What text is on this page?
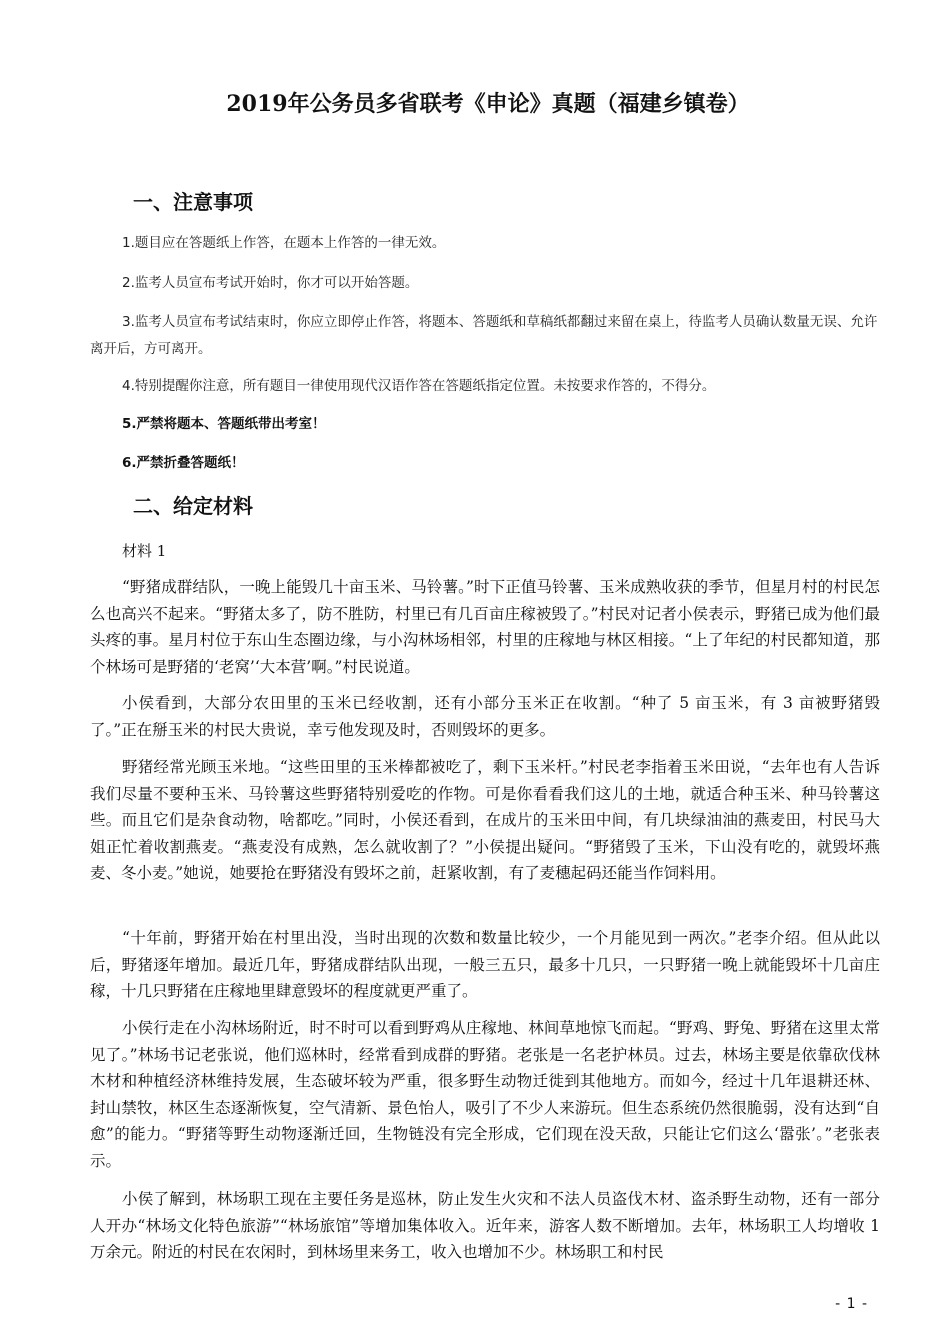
2019年公务员多省联考《申论》真题（福建乡镇卷）
一、注意事项
1.题目应在答题纸上作答，在题本上作答的一律无效。
2.监考人员宣布考试开始时，你才可以开始答题。
3.监考人员宣布考试结束时，你应立即停止作答，将题本、答题纸和草稿纸都翻过来留在桌上，待监考人员确认数量无误、允许离开后，方可离开。
4.特别提醒你注意，所有题目一律使用现代汉语作答在答题纸指定位置。未按要求作答的，不得分。
5.严禁将题本、答题纸带出考室！
6.严禁折叠答题纸！
二、给定材料
材料 1
“野猪成群结队，一晚上能毁几十亩玉米、马铃薯。”时下正值马铃薯、玉米成熟收获的季节，但星月村的村民怎么也高兴不起来。“野猪太多了，防不胜防，村里已有几百亩庄稼被毁了。”村民对记者小侯表示，野猪已成为他们最头疼的事。星月村位于东山生态圈边缘，与小沟林场相邻，村里的庄稼地与林区相接。“上了年纪的村民都知道，那个林场可是野猪的‘老窝’‘大本营’啊。”村民说道。
小侯看到，大部分农田里的玉米已经收割，还有小部分玉米正在收割。“种了 5 亩玉米，有 3 亩被野猪毁了。”正在掰玉米的村民大贵说，幸亏他发现及时，否则毁坏的更多。
野猪经常光顾玉米地。“这些田里的玉米棒都被吃了，剩下玉米杆。”村民老李指着玉米田说，“去年也有人告诉我们尽量不要种玉米、马铃薯这些野猪特别爱吃的作物。可是你看看我们这儿的土地，就适合种玉米、种马铃薯这些。而且它们是杂食动物，啥都吃。”同时，小侯还看到，在成片的玉米田中间，有几块绿油油的燕麦田，村民马大姐正忙着收割燕麦。“燕麦没有成熟，怎么就收割了？”小侯提出疑问。“野猪毁了玉米，下山没有吃的，就毁坏燕麦、冬小麦。”她说，她要抢在野猪没有毁坏之前，赶紧收割，有了麦穗起码还能当作饲料用。
“十年前，野猪开始在村里出没，当时出现的次数和数量比较少，一个月能见到一两次。”老李介绍。但从此以后，野猪逐年增加。最近几年，野猪成群结队出现，一般三五只，最多十几只，一只野猪一晚上就能毁坏十几亩庄稼，十几只野猪在庄稼地里肆意毁坏的程度就更严重了。
小侯行走在小沟林场附近，时不时可以看到野鸡从庄稼地、林间草地惊飞而起。“野鸡、野兔、野猪在这里太常见了。”林场书记老张说，他们巡林时，经常看到成群的野猪。老张是一名老护林员。过去，林场主要是依靠砍伐林木材和种植经济林维持发展，生态破坏较为严重，很多野生动物迁徙到其他地方。而如今，经过十几年退耕还林、封山禁牧，林区生态逐渐恢复，空气清新、景色怡人，吸引了不少人来游玩。但生态系统仍然很脆弱，没有达到“自愈”的能力。“野猪等野生动物逐渐迁回，生物链没有完全形成，它们现在没天敌，只能让它们这么‘嚣张’。”老张表示。
小侯了解到，林场职工现在主要任务是巡林，防止发生火灾和不法人员盗伐木材、盗杀野生动物，还有一部分人开办“林场文化特色旅游”“林场旅馆”等增加集体收入。近年来，游客人数不断增加。去年，林场职工人均增收 1 万余元。附近的村民在农闲时，到林场里来务工，收入也增加不少。林场职工和村民
- 1 -
